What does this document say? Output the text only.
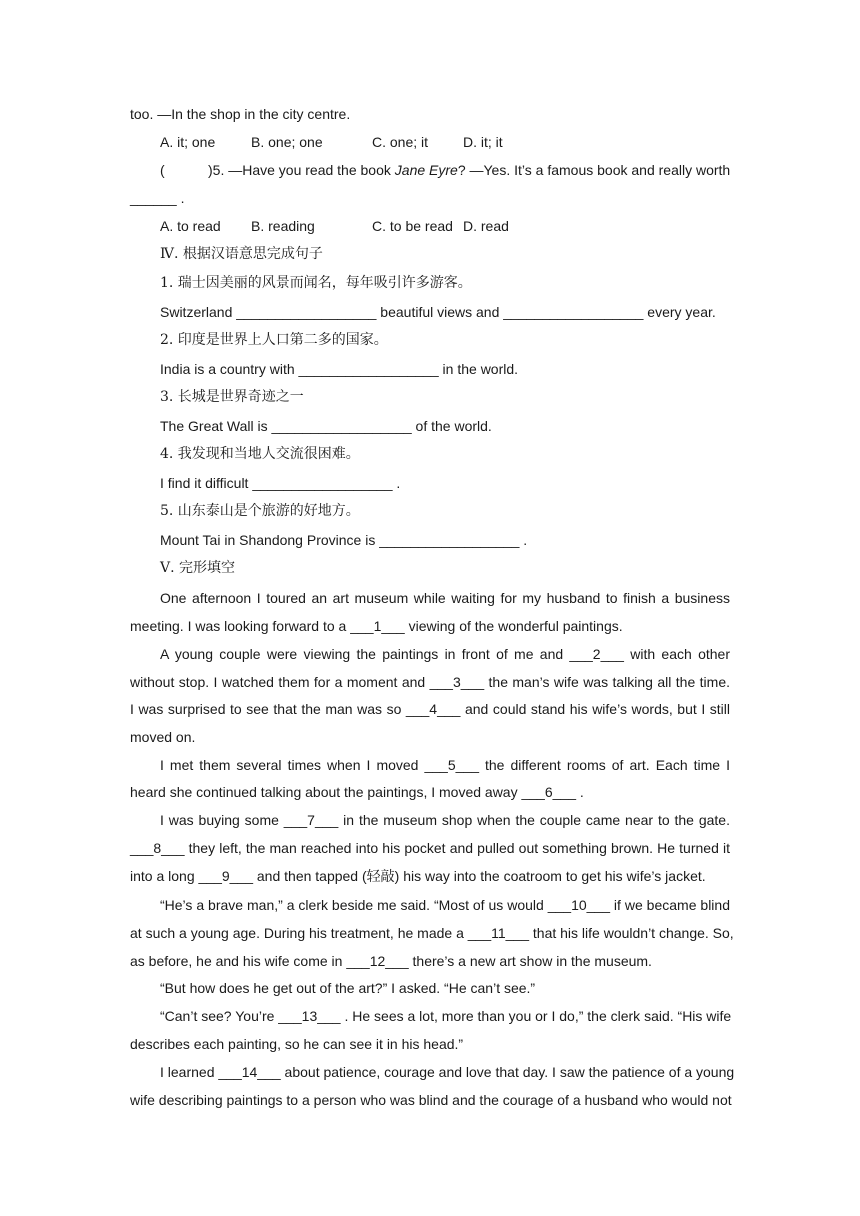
too. —In the shop in the city centre.
A. it; one	B. one; one	C. one; it D. it; it
(	)5. —Have you read the book Jane Eyre? —Yes. It’s a famous book and really worth
______ .
A. to read B. reading	C. to be read D. read
Ⅳ. 根据汉语意思完成句子
1. 瑞士因美丽的风景而闻名，每年吸引许多游客。
Switzerland __________________ beautiful views and __________________ every year.
2. 印度是世界上人口第二多的国家。
India is a country with __________________ in the world.
3. 长城是世界奇迹之一
The Great Wall is __________________ of the world.
4. 我发现和当地人交流很困难。
I find it difficult __________________ .
5. 山东泰山是个旅游的好地方。
Mount Tai in Shandong Province is __________________ .
Ⅴ. 完形填空
One afternoon I toured an art museum while waiting for my husband to finish a business
meeting. I was looking forward to a ___1___ viewing of the wonderful paintings.
A young couple were viewing the paintings in front of me and ___2___ with each other
without stop. I watched them for a moment and ___3___ the man’s wife was talking all the time.
I was surprised to see that the man was so ___4___ and could stand his wife’s words, but I still
moved on.
I met them several times when I moved ___5___ the different rooms of art. Each time I
heard she continued talking about the paintings, I moved away ___6___ .
I was buying some ___7___ in the museum shop when the couple came near to the gate.
___8___ they left, the man reached into his pocket and pulled out something brown. He turned it
into a long ___9___ and then tapped (轻敲) his way into the coatroom to get his wife’s jacket.
“He’s a brave man,” a clerk beside me said. “Most of us would ___10___ if we became blind
at such a young age. During his treatment, he made a ___11___ that his life wouldn’t change. So,
as before, he and his wife come in ___12___ there’s a new art show in the museum.
“But how does he get out of the art?” I asked. “He can’t see.”
“Can’t see? You’re ___13___ . He sees a lot, more than you or I do,” the clerk said. “His wife
describes each painting, so he can see it in his head.”
I learned ___14___ about patience, courage and love that day. I saw the patience of a young
wife describing paintings to a person who was blind and the courage of a husband who would not
